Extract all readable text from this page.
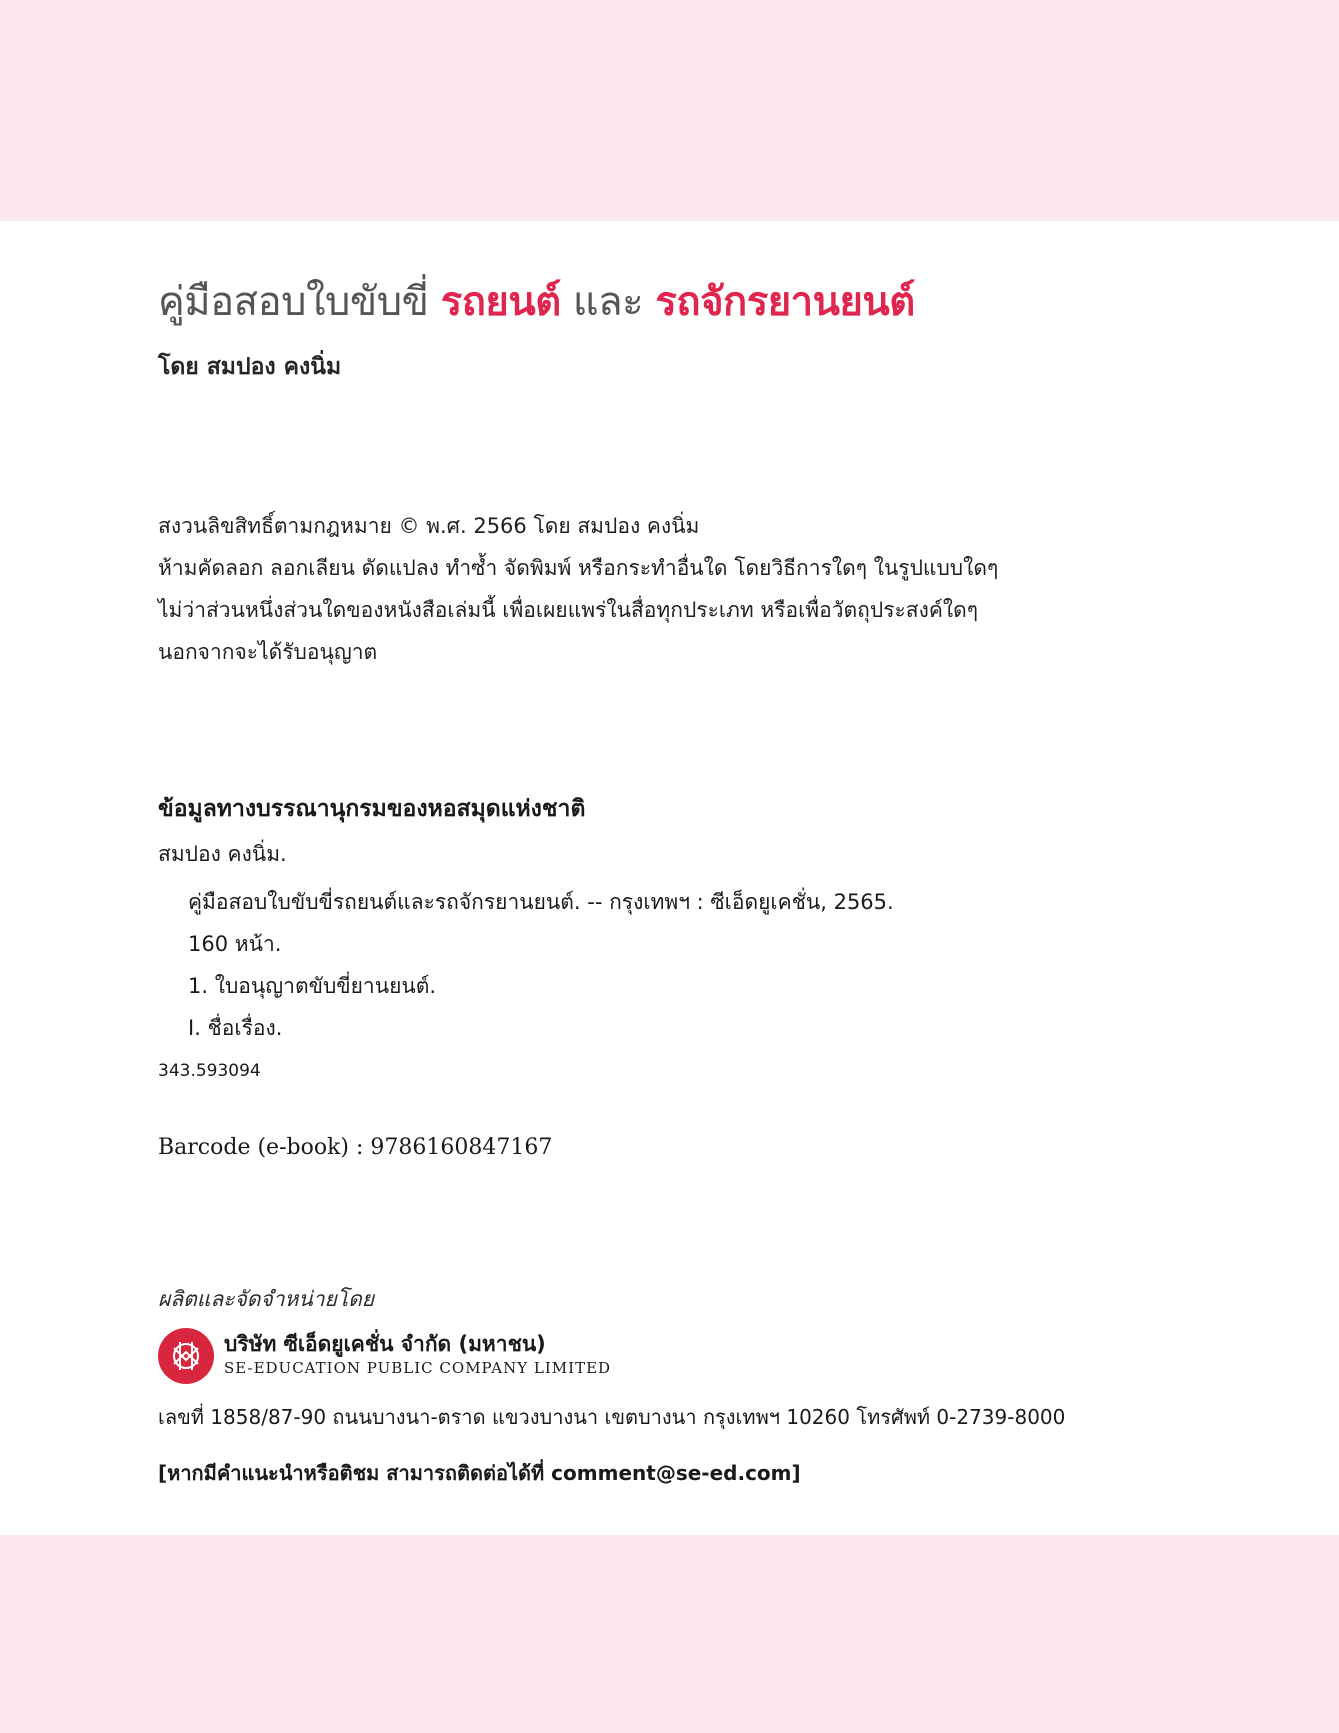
คู่มือสอบใบขับขี่ รถยนต์ และ รถจักรยานยนต์
โดย สมปอง คงนิ่ม
สงวนลิขสิทธิ์ตามกฎหมาย © พ.ศ. 2566 โดย สมปอง คงนิ่ม
ห้ามคัดลอก ลอกเลียน ดัดแปลง ทำซ้ำ จัดพิมพ์ หรือกระทำอื่นใด โดยวิธีการใดๆ ในรูปแบบใดๆ
ไม่ว่าส่วนหนึ่งส่วนใดของหนังสือเล่มนี้ เพื่อเผยแพร่ในสื่อทุกประเภท หรือเพื่อวัตถุประสงค์ใดๆ
นอกจากจะได้รับอนุญาต
ข้อมูลทางบรรณานุกรมของหอสมุดแห่งชาติ
สมปอง คงนิ่ม.
คู่มือสอบใบขับขี่รถยนต์และรถจักรยานยนต์. -- กรุงเทพฯ : ซีเอ็ดยูเคชั่น, 2565.
160 หน้า.
1. ใบอนุญาตขับขี่ยานยนต์.
I. ชื่อเรื่อง.
343.593094
Barcode (e-book) : 9786160847167
ผลิตและจัดจำหน่ายโดย
บริษัท ซีเอ็ดยูเคชั่น จำกัด (มหาชน)
SE-EDUCATION PUBLIC COMPANY LIMITED
เลขที่ 1858/87-90 ถนนบางนา-ตราด แขวงบางนา เขตบางนา กรุงเทพฯ 10260 โทรศัพท์ 0-2739-8000
[หากมีคำแนะนำหรือติชม สามารถติดต่อได้ที่ comment@se-ed.com]
